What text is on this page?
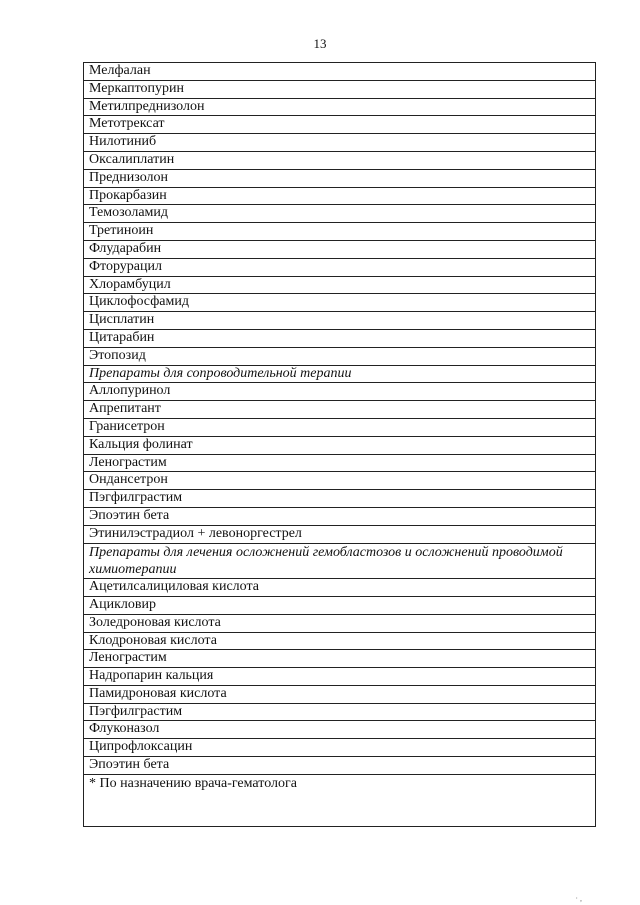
13
Мелфалан
Меркаптопурин
Метилпреднизолон
Метотрексат
Нилотиниб
Оксалиплатин
Преднизолон
Прокарбазин
Темозоламид
Третиноин
Флударабин
Фторурацил
Хлорамбуцил
Циклофосфамид
Цисплатин
Цитарабин
Этопозид
Препараты для сопроводительной терапии
Аллопуринол
Апрепитант
Гранисетрон
Кальция фолинат
Ленограстим
Ондансетрон
Пэгфилграстим
Эпоэтин бета
Этинилэстрадиол + левоноргестрел
Препараты для лечения осложнений гемобластозов и осложнений проводимой химиотерапии
Ацетилсалициловая кислота
Ацикловир
Золедроновая кислота
Клодроновая кислота
Ленограстим
Надропарин кальция
Памидроновая кислота
Пэгфилграстим
Флуконазол
Ципрофлоксацин
Эпоэтин бета
* По назначению врача-гематолога
· ,
